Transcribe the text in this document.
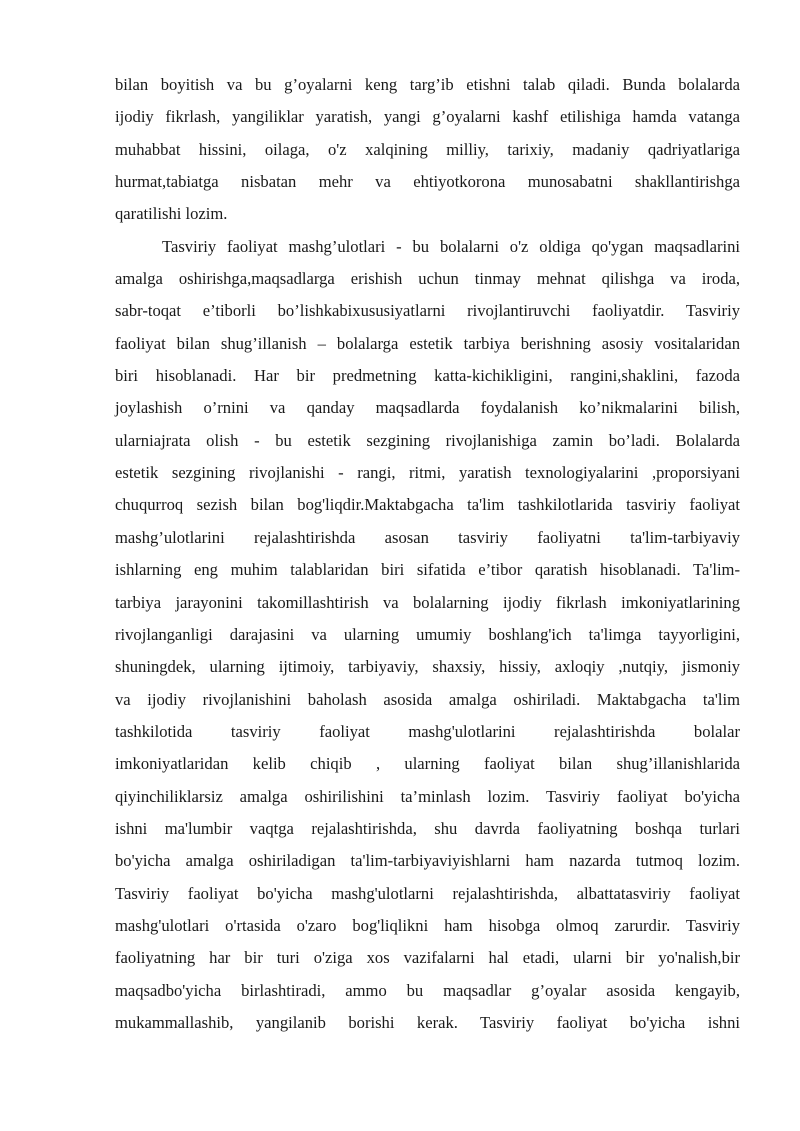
bilan boyitish va bu g’oyalarni keng targ’ib etishni talab qiladi. Bunda bolalarda
ijodiy fikrlash, yangiliklar yaratish, yangi g’oyalarni kashf etilishiga hamda vatanga
muhabbat hissini, oilaga, o'z xalqining milliy, tarixiy, madaniy qadriyatlariga
hurmat,tabiatga nisbatan mehr va ehtiyotkorona munosabatni shakllantirishga
qaratilishi lozim.
Tasviriy faoliyat mashg’ulotlari - bu bolalarni o'z oldiga qo'ygan maqsadlarini
amalga oshirishga,maqsadlarga erishish uchun tinmay mehnat qilishga va iroda,
sabr-toqat e’tiborli bo’lishkabixususiyatlarni rivojlantiruvchi faoliyatdir. Tasviriy
faoliyat bilan shug’illanish – bolalarga estetik tarbiya berishning asosiy vositalaridan
biri hisoblanadi. Har bir predmetning katta-kichikligini, rangini,shaklini, fazoda
joylashish o’rnini va qanday maqsadlarda foydalanish ko’nikmalarini bilish,
ularniajrata olish - bu estetik sezgining rivojlanishiga zamin bo’ladi. Bolalarda
estetik sezgining rivojlanishi - rangi, ritmi, yaratish texnologiyalarini ,proporsiyani
chuqurroq sezish bilan bog'liqdir.Maktabgacha ta'lim tashkilotlarida tasviriy faoliyat
mashg’ulotlarini rejalashtirishda asosan tasviriy faoliyatni ta'lim-tarbiyaviy
ishlarning eng muhim talablaridan biri sifatida e’tibor qaratish hisoblanadi. Ta'lim-
tarbiya jarayonini takomillashtirish va bolalarning ijodiy fikrlash imkoniyatlarining
rivojlanganligi darajasini va ularning umumiy boshlang'ich ta'limga tayyorligini,
shuningdek, ularning ijtimoiy, tarbiyaviy, shaxsiy, hissiy, axloqiy ,nutqiy, jismoniy
va ijodiy rivojlanishini baholash asosida amalga oshiriladi. Maktabgacha ta'lim
tashkilotida tasviriy faoliyat mashg'ulotlarini rejalashtirishda bolalar
imkoniyatlaridan kelib chiqib , ularning faoliyat bilan shug’illanishlarida
qiyinchiliklarsiz amalga oshirilishini ta’minlash lozim. Tasviriy faoliyat bo'yicha
ishni ma'lumbir vaqtga rejalashtirishda, shu davrda faoliyatning boshqa turlari
bo'yicha amalga oshiriladigan ta'lim-tarbiyaviyishlarni ham nazarda tutmoq lozim.
Tasviriy faoliyat bo'yicha mashg'ulotlarni rejalashtirishda, albattatasviriy faoliyat
mashg'ulotlari o'rtasida o'zaro bog'liqlikni ham hisobga olmoq zarurdir. Tasviriy
faoliyatning har bir turi o'ziga xos vazifalarni hal etadi, ularni bir yo'nalish,bir
maqsadbo'yicha birlashtiradi, ammo bu maqsadlar g’oyalar asosida kengayib,
mukammallashib, yangilanib borishi kerak. Tasviriy faoliyat bo'yicha ishni
